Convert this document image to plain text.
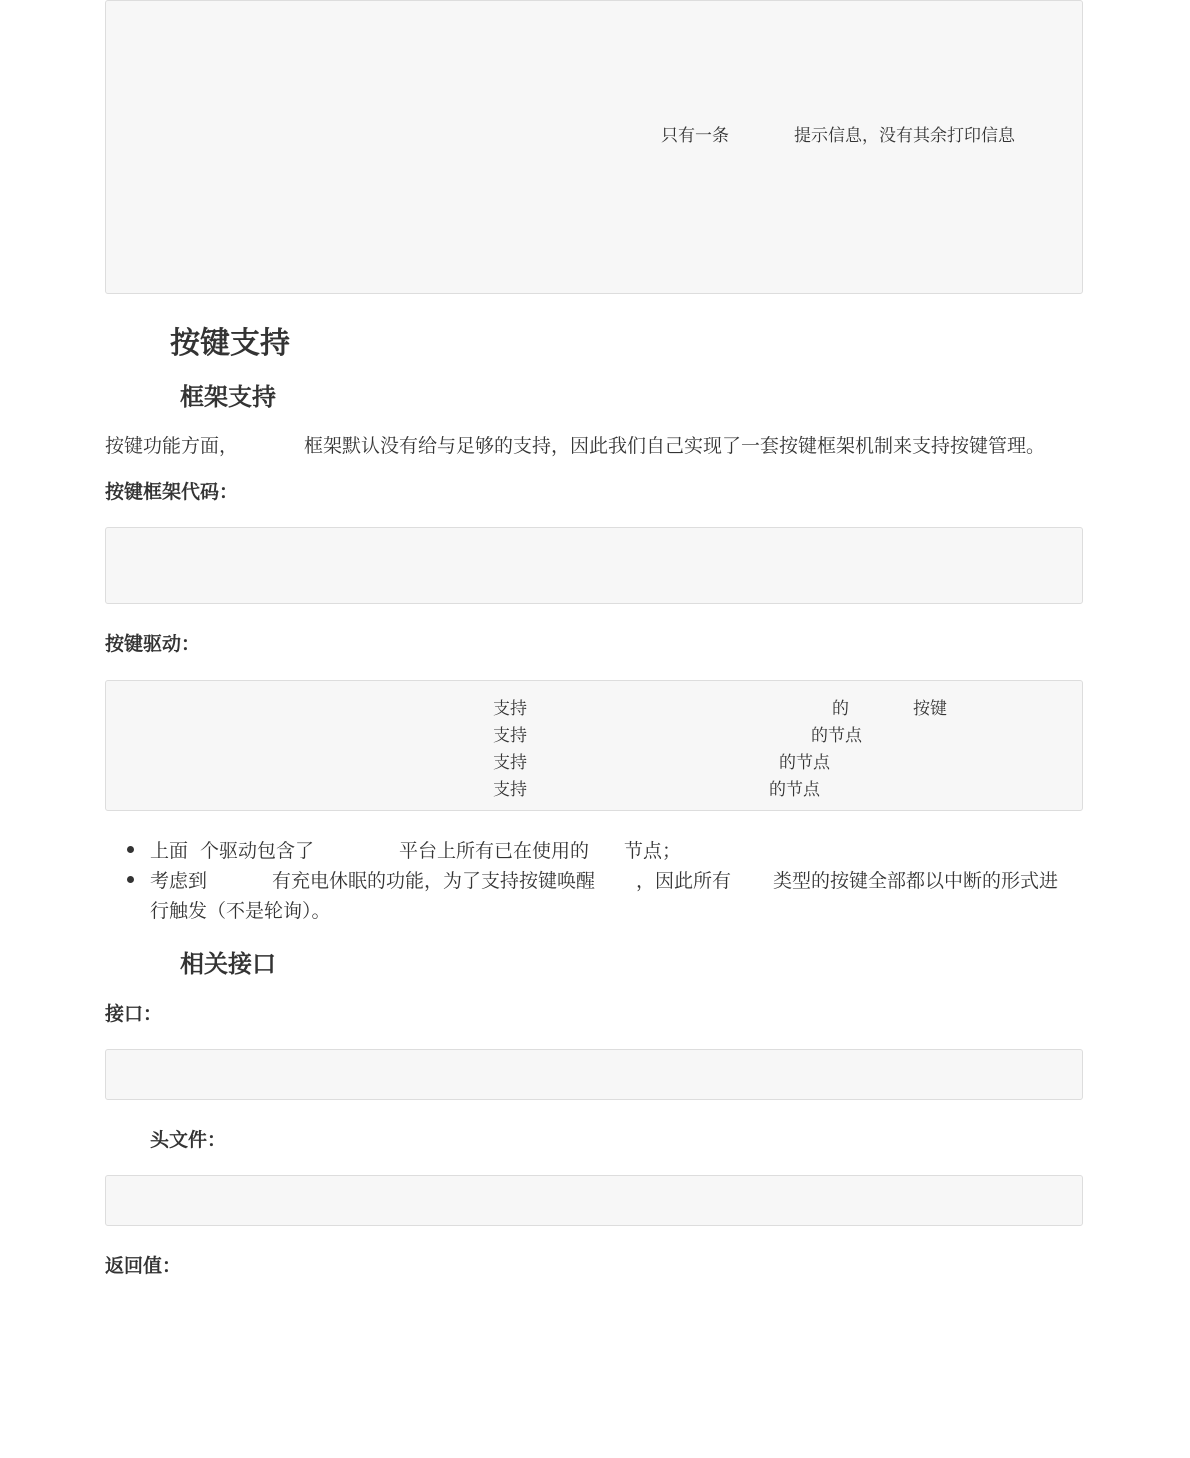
只有一条	提示信息，没有其余打印信息
按键支持
框架支持
按键功能方面，	框架默认没有给与足够的支持，因此我们自己实现了一套按键框架机制来支持按键管理。

按键框架代码：

按键驱动：

支持	的	按键
支持	的节点
支持	的节点
支持	的节点
上面 个驱动包含了	平台上所有已在使用的 节点；
考虑到	有充电休眠的功能，为了支持按键唤醒 ，因此所有 类型的按键全部都以中断的形式进
行触发（不是轮询）。
相关接口

接口：

头文件：

返回值：
